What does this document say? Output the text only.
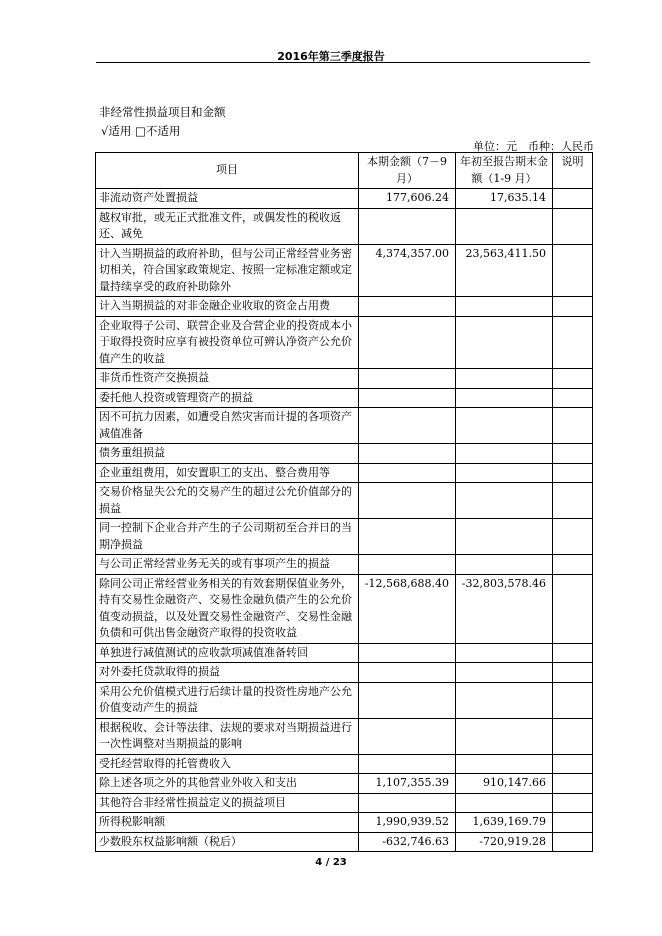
2016年第三季度报告
非经常性损益项目和金额
√适用 □不适用
单位：元　币种：人民币
项目	本期金额（7－9 月）	年初至报告期末金额（1-9 月）	说明
非流动资产处置损益	177,606.24	17,635.14	
越权审批，或无正式批准文件，或偶发性的税收返还、减免			
计入当期损益的政府补助，但与公司正常经营业务密切相关，符合国家政策规定、按照一定标准定额或定量持续享受的政府补助除外	4,374,357.00	23,563,411.50	
计入当期损益的对非金融企业收取的资金占用费			
企业取得子公司、联营企业及合营企业的投资成本小于取得投资时应享有被投资单位可辨认净资产公允价值产生的收益			
非货币性资产交换损益			
委托他人投资或管理资产的损益			
因不可抗力因素，如遭受自然灾害而计提的各项资产减值准备			
债务重组损益			
企业重组费用，如安置职工的支出、整合费用等			
交易价格显失公允的交易产生的超过公允价值部分的损益			
同一控制下企业合并产生的子公司期初至合并日的当期净损益			
与公司正常经营业务无关的或有事项产生的损益			
除同公司正常经营业务相关的有效套期保值业务外，持有交易性金融资产、交易性金融负债产生的公允价值变动损益，以及处置交易性金融资产、交易性金融负债和可供出售金融资产取得的投资收益	-12,568,688.40	-32,803,578.46	
单独进行减值测试的应收款项减值准备转回			
对外委托贷款取得的损益			
采用公允价值模式进行后续计量的投资性房地产公允价值变动产生的损益			
根据税收、会计等法律、法规的要求对当期损益进行一次性调整对当期损益的影响			
受托经营取得的托管费收入			
除上述各项之外的其他营业外收入和支出	1,107,355.39	910,147.66	
其他符合非经常性损益定义的损益项目			
所得税影响额	1,990,939.52	1,639,169.79	
少数股东权益影响额（税后）	-632,746.63	-720,919.28	
4 / 23
